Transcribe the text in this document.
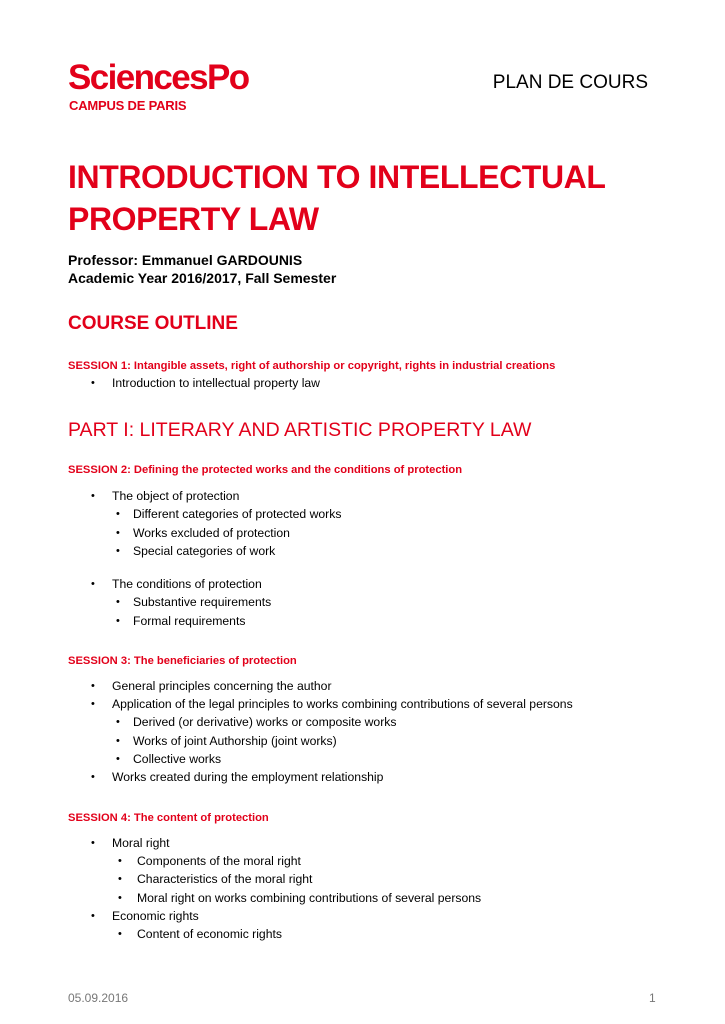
SciencesPo
CAMPUS DE PARIS
PLAN DE COURS
INTRODUCTION TO INTELLECTUAL PROPERTY LAW
Professor: Emmanuel GARDOUNIS
Academic Year 2016/2017, Fall Semester
COURSE OUTLINE
SESSION 1: Intangible assets, right of authorship or copyright, rights in industrial creations
• Introduction to intellectual property law
PART I: LITERARY AND ARTISTIC PROPERTY LAW
SESSION 2: Defining the protected works and the conditions of protection
• The object of protection
• Different categories of protected works
• Works excluded of protection
• Special categories of work
• The conditions of protection
• Substantive requirements
• Formal requirements
SESSION 3: The beneficiaries of protection
• General principles concerning the author
• Application of the legal principles to works combining contributions of several persons
• Derived (or derivative) works or composite works
• Works of joint Authorship (joint works)
• Collective works
• Works created during the employment relationship
SESSION 4: The content of protection
• Moral right
• Components of the moral right
• Characteristics of the moral right
• Moral right on works combining contributions of several persons
• Economic rights
• Content of economic rights
05.09.2016	1
